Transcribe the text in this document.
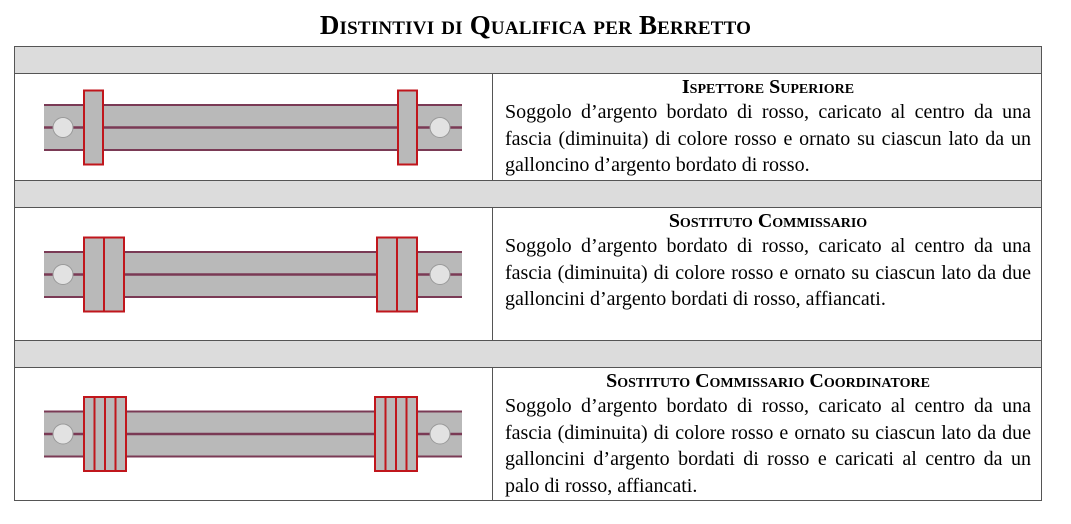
Distintivi di Qualifica per Berretto
Ispettore Superiore
Soggolo d’argento bordato di rosso, caricato al centro da una fascia (diminuita) di colore rosso e ornato su ciascun lato da un galloncino d’argento bordato di rosso.
Sostituto Commissario
Soggolo d’argento bordato di rosso, caricato al centro da una fascia (diminuita) di colore rosso e ornato su ciascun lato da due galloncini d’argento bordati di rosso, affiancati.
Sostituto Commissario Coordinatore
Soggolo d’argento bordato di rosso, caricato al centro da una fascia (diminuita) di colore rosso e ornato su ciascun lato da due galloncini d’argento bordati di rosso e caricati al centro da un palo di rosso, affiancati.
